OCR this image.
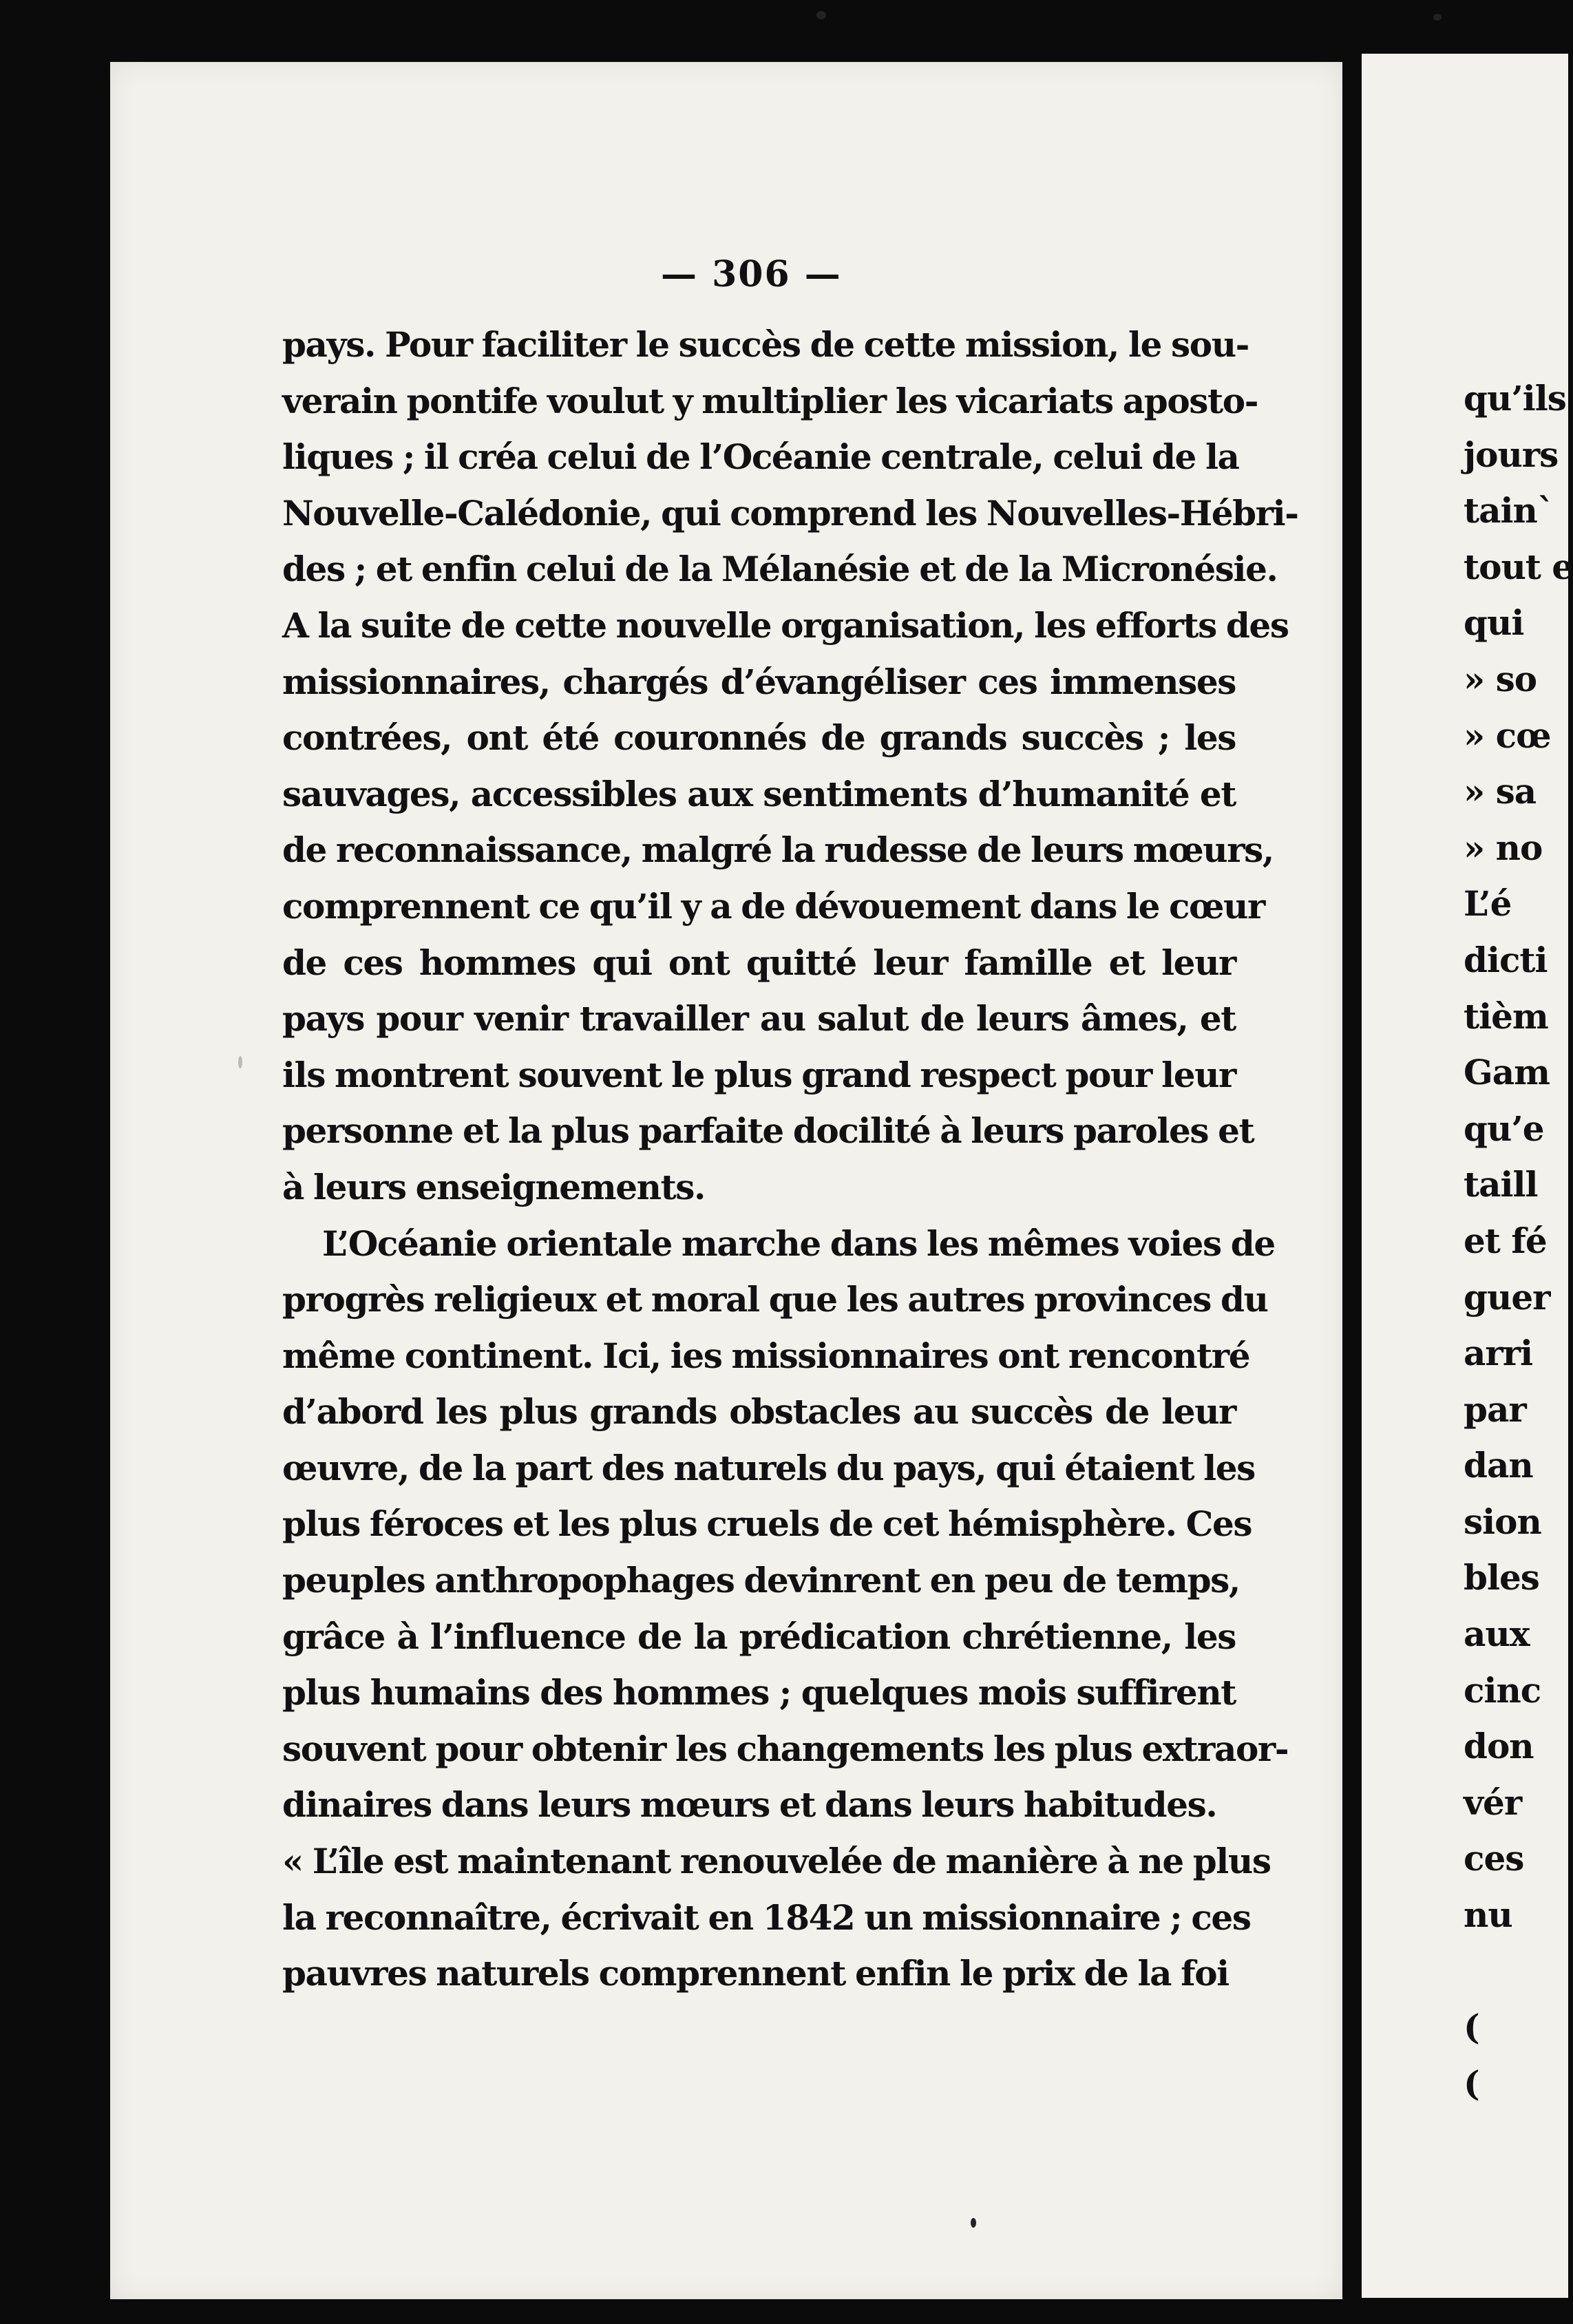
qu’ils
jours
tain`
tout e
qui
» so
» cœ
» sa
» no
L’é
dicti
tièm
Gam
qu’e
taill
et fé
guer
arri
par
dan
sion
bles
aux
cinc
don
vér
ces
nu
(
(
— 306 —
pays. Pour faciliter le succès de cette mission, le sou-
verain pontife voulut y multiplier les vicariats aposto-
liques ; il créa celui de l’Océanie centrale, celui de la
Nouvelle-Calédonie, qui comprend les Nouvelles-Hébri-
des ; et enfin celui de la Mélanésie et de la Micronésie.
A la suite de cette nouvelle organisation, les efforts des
missionnaires, chargés d’évangéliser ces immenses
contrées, ont été couronnés de grands succès ; les
sauvages, accessibles aux sentiments d’humanité et
de reconnaissance, malgré la rudesse de leurs mœurs,
comprennent ce qu’il y a de dévouement dans le cœur
de ces hommes qui ont quitté leur famille et leur
pays pour venir travailler au salut de leurs âmes, et
ils montrent souvent le plus grand respect pour leur
personne et la plus parfaite docilité à leurs paroles et
à leurs enseignements.
L’Océanie orientale marche dans les mêmes voies de
progrès religieux et moral que les autres provinces du
même continent. Ici, ies missionnaires ont rencontré
d’abord les plus grands obstacles au succès de leur
œuvre, de la part des naturels du pays, qui étaient les
plus féroces et les plus cruels de cet hémisphère. Ces
peuples anthropophages devinrent en peu de temps,
grâce à l’influence de la prédication chrétienne, les
plus humains des hommes ; quelques mois suffirent
souvent pour obtenir les changements les plus extraor-
dinaires dans leurs mœurs et dans leurs habitudes.
« L’île est maintenant renouvelée de manière à ne plus
la reconnaître, écrivait en 1842 un missionnaire ; ces
pauvres naturels comprennent enfin le prix de la foi
